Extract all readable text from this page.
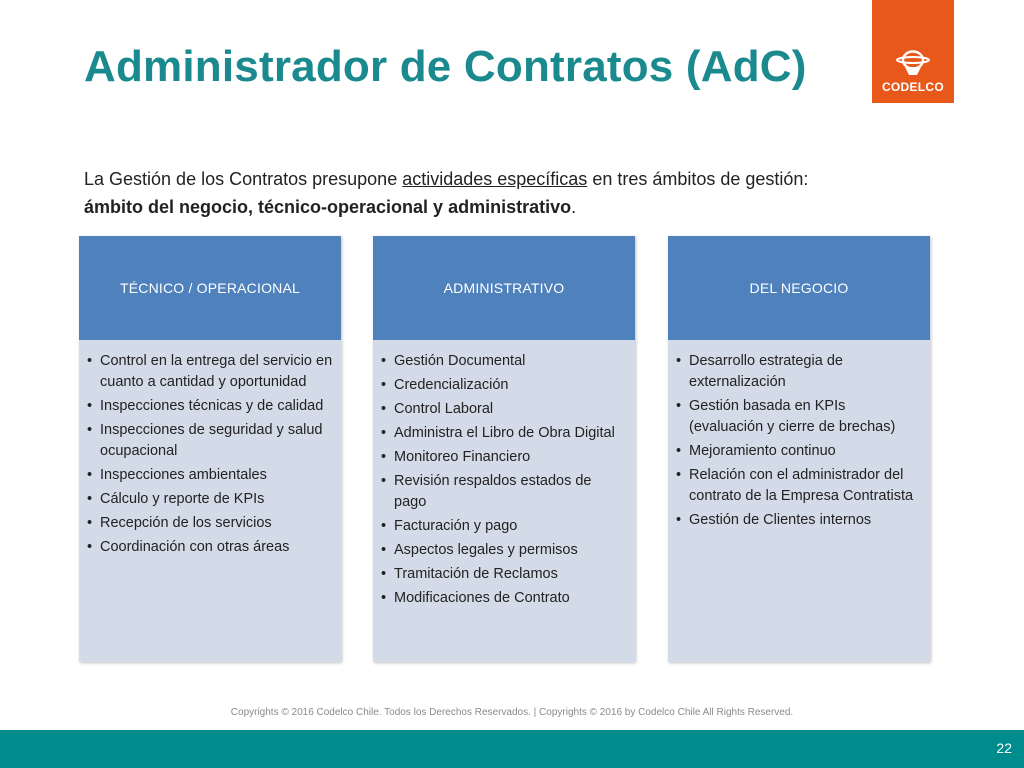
Administrador de Contratos (AdC)	CODELCO

La Gestión de los Contratos presupone actividades específicas en tres ámbitos de gestión:
ámbito del negocio, técnico-operacional y administrativo.

TÉCNICO / OPERACIONAL
• Control en la entrega del servicio en cuanto a cantidad y oportunidad
• Inspecciones técnicas y de calidad
• Inspecciones de seguridad y salud ocupacional
• Inspecciones ambientales
• Cálculo y reporte de KPIs
• Recepción de los servicios
• Coordinación con otras áreas
ADMINISTRATIVO
• Gestión Documental
• Credencialización
• Control Laboral
• Administra el Libro de Obra Digital
• Monitoreo Financiero
• Revisión respaldos estados de pago
• Facturación y pago
• Aspectos legales y permisos
• Tramitación de Reclamos
• Modificaciones de Contrato
DEL NEGOCIO
• Desarrollo estrategia de externalización
• Gestión basada en KPIs (evaluación y cierre de brechas)
• Mejoramiento continuo
• Relación con el administrador del contrato de la Empresa Contratista
• Gestión de Clientes internos
Copyrights © 2016 Codelco Chile. Todos los Derechos Reservados. | Copyrights © 2016 by Codelco Chile All Rights Reserved.
22
